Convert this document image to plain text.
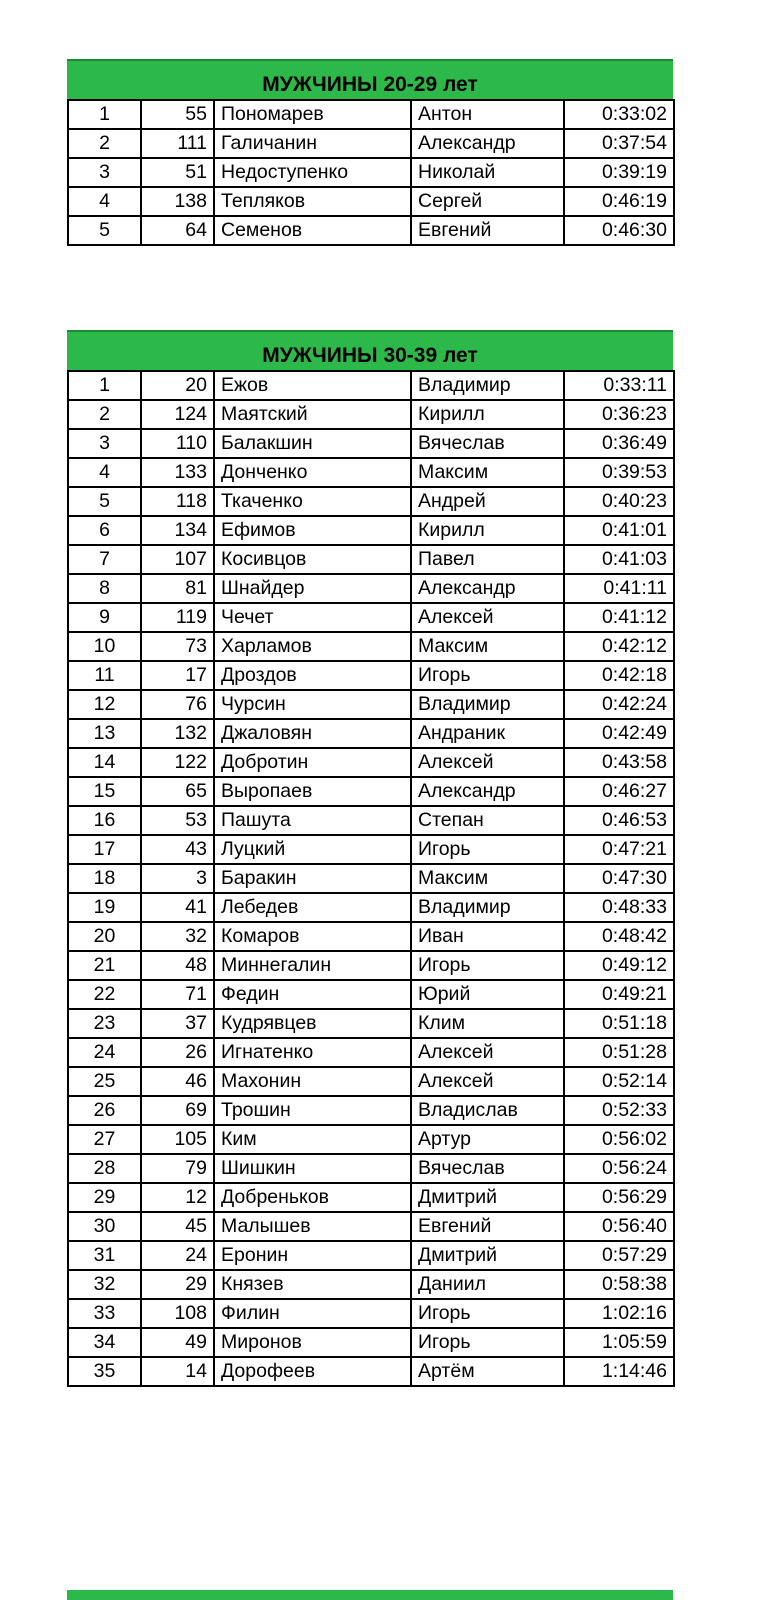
МУЖЧИНЫ 20-29 лет
1	55	Пономарев	Антон	0:33:02
2	111	Галичанин	Александр	0:37:54
3	51	Недоступенко	Николай	0:39:19
4	138	Тепляков	Сергей	0:46:19
5	64	Семенов	Евгений	0:46:30
МУЖЧИНЫ 30-39 лет
1	20	Ежов	Владимир	0:33:11
2	124	Маятский	Кирилл	0:36:23
3	110	Балакшин	Вячеслав	0:36:49
4	133	Донченко	Максим	0:39:53
5	118	Ткаченко	Андрей	0:40:23
6	134	Ефимов	Кирилл	0:41:01
7	107	Косивцов	Павел	0:41:03
8	81	Шнайдер	Александр	0:41:11
9	119	Чечет	Алексей	0:41:12
10	73	Харламов	Максим	0:42:12
11	17	Дроздов	Игорь	0:42:18
12	76	Чурсин	Владимир	0:42:24
13	132	Джаловян	Андраник	0:42:49
14	122	Добротин	Алексей	0:43:58
15	65	Выропаев	Александр	0:46:27
16	53	Пашута	Степан	0:46:53
17	43	Луцкий	Игорь	0:47:21
18	3	Баракин	Максим	0:47:30
19	41	Лебедев	Владимир	0:48:33
20	32	Комаров	Иван	0:48:42
21	48	Миннегалин	Игорь	0:49:12
22	71	Федин	Юрий	0:49:21
23	37	Кудрявцев	Клим	0:51:18
24	26	Игнатенко	Алексей	0:51:28
25	46	Махонин	Алексей	0:52:14
26	69	Трошин	Владислав	0:52:33
27	105	Ким	Артур	0:56:02
28	79	Шишкин	Вячеслав	0:56:24
29	12	Добреньков	Дмитрий	0:56:29
30	45	Малышев	Евгений	0:56:40
31	24	Еронин	Дмитрий	0:57:29
32	29	Князев	Даниил	0:58:38
33	108	Филин	Игорь	1:02:16
34	49	Миронов	Игорь	1:05:59
35	14	Дорофеев	Артём	1:14:46
